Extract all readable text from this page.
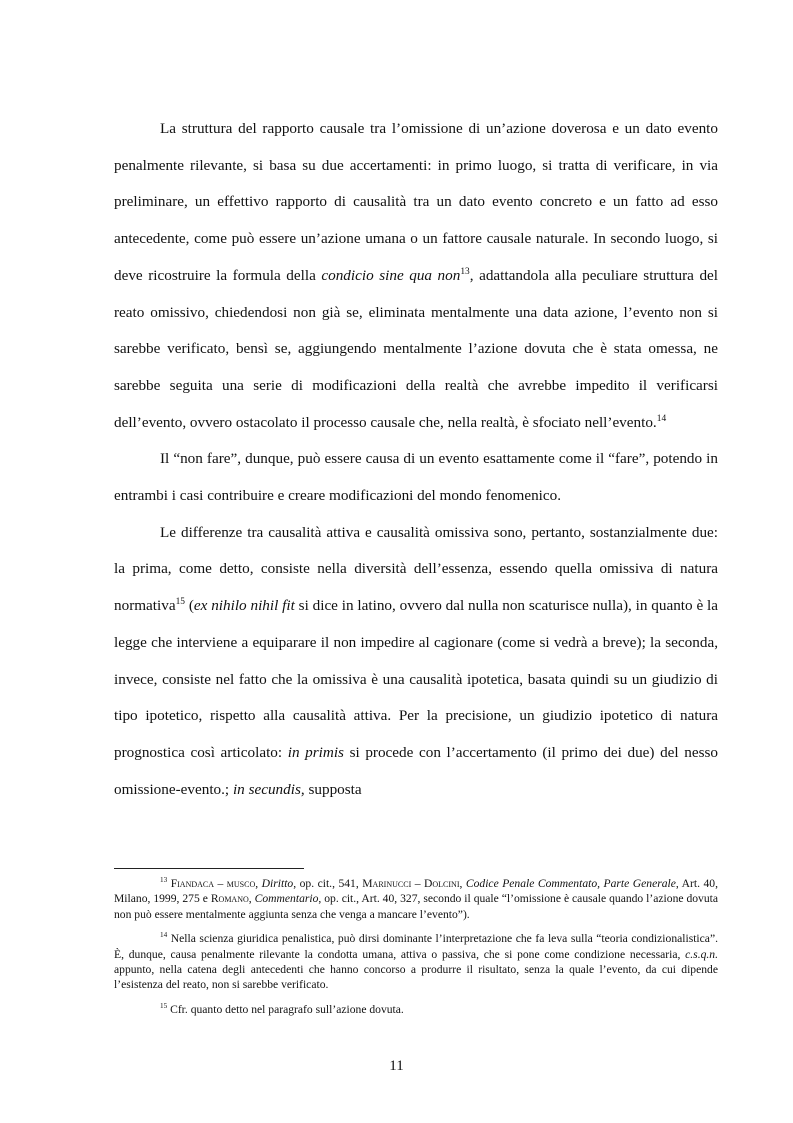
La struttura del rapporto causale tra l’omissione di un’azione doverosa e un dato evento penalmente rilevante, si basa su due accertamenti: in primo luogo, si tratta di verificare, in via preliminare, un effettivo rapporto di causalità tra un dato evento concreto e un fatto ad esso antecedente, come può essere un’azione umana o un fattore causale naturale. In secondo luogo, si deve ricostruire la formula della condicio sine qua non$^{13}$, adattandola alla peculiare struttura del reato omissivo, chiedendosi non già se, eliminata mentalmente una data azione, l’evento non si sarebbe verificato, bensì se, aggiungendo mentalmente l’azione dovuta che è stata omessa, ne sarebbe seguita una serie di modificazioni della realtà che avrebbe impedito il verificarsi dell’evento, ovvero ostacolato il processo causale che, nella realtà, è sfociato nell’evento.$^{14}$

Il “non fare”, dunque, può essere causa di un evento esattamente come il “fare”, potendo in entrambi i casi contribuire e creare modificazioni del mondo fenomenico.

Le differenze tra causalità attiva e causalità omissiva sono, pertanto, sostanzialmente due: la prima, come detto, consiste nella diversità dell’essenza, essendo quella omissiva di natura normativa$^{15}$ (ex nihilo nihil fit si dice in latino, ovvero dal nulla non scaturisce nulla), in quanto è la legge che interviene a equiparare il non impedire al cagionare (come si vedrà a breve); la seconda, invece, consiste nel fatto che la omissiva è una causalità ipotetica, basata quindi su un giudizio di tipo ipotetico, rispetto alla causalità attiva. Per la precisione, un giudizio ipotetico di natura prognostica così articolato: in primis si procede con l’accertamento (il primo dei due) del nesso omissione-evento.; in secundis, supposta

$^{13}$ Fiandaca – musco, Diritto, op. cit., 541, Marinucci – Dolcini, Codice Penale Commentato, Parte Generale, Art. 40, Milano, 1999, 275 e Romano, Commentario, op. cit., Art. 40, 327, secondo il quale “l’omissione è causale quando l’azione dovuta non può essere mentalmente aggiunta senza che venga a mancare l’evento”).

$^{14}$ Nella scienza giuridica penalistica, può dirsi dominante l’interpretazione che fa leva sulla “teoria condizionalistica”. È, dunque, causa penalmente rilevante la condotta umana, attiva o passiva, che si pone come condizione necessaria, c.s.q.n. appunto, nella catena degli antecedenti che hanno concorso a produrre il risultato, senza la quale l’evento, da cui dipende l’esistenza del reato, non si sarebbe verificato.

$^{15}$ Cfr. quanto detto nel paragrafo sull’azione dovuta.

11
